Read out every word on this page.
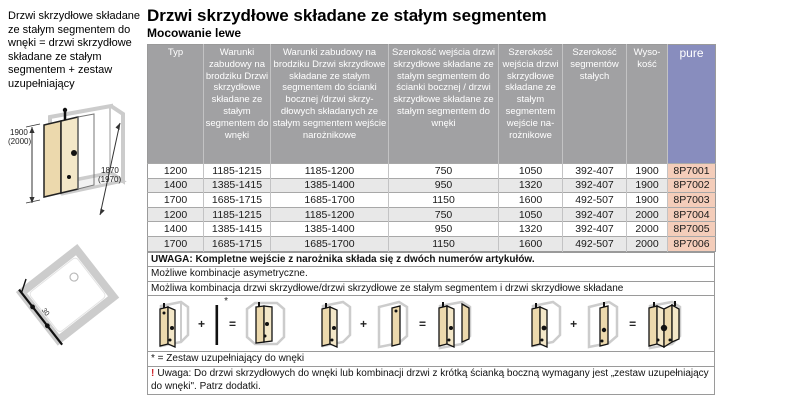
Drzwi skrzydłowe składane ze stałym segmentem do wnęki = drzwi skrzydłowe składane ze stałym segmentem + zestaw uzupełniający
1900
(2000)
1870
(1970)
30
Drzwi skrzydłowe składane ze stałym segmentem
Mocowanie lewe
Typ	Warunki zabudowy na brodziku Drzwi skrzydłowe składane ze stałym segmentem do wnęki	Warunki zabudowy na brodziku Drzwi skrzydłowe składane ze stałym segmentem do ścianki bocznej /drzwi skrzy-dłowych składanych ze stałym segmentem wejście narożnikowe	Szerokość wejścia drzwi skrzydłowe składane ze stałym segmentem do ścianki bocznej / drzwi skrzydłowe składane ze stałym segmentem do wnęki	Szerokość wejścia drzwi skrzydłowe składane ze stałym segmentem wejście na-rożnikowe	Szerokość segmentów stałych	Wyso-kość	pure
1200	1185-1215	1185-1200	750	1050	392-407	1900	8P7001
1400	1385-1415	1385-1400	950	1320	392-407	1900	8P7002
1700	1685-1715	1685-1700	1150	1600	492-507	1900	8P7003
1200	1185-1215	1185-1200	750	1050	392-407	2000	8P7004
1400	1385-1415	1385-1400	950	1320	392-407	2000	8P7005
1700	1685-1715	1685-1700	1150	1600	492-507	2000	8P7006
UWAGA: Kompletne wejście z narożnika składa się z dwóch numerów artykułów.
Możliwe kombinacje asymetryczne.
Możliwa kombinacja drzwi skrzydłowe/drzwi skrzydłowe ze stałym segmentem i drzwi skrzydłowe składane
+
*
=	+	=	+	=
* = Zestaw uzupełniający do wnęki
! Uwaga: Do drzwi skrzydłowych do wnęki lub kombinacji drzwi z krótką ścianką boczną wymagany jest „zestaw uzupełniający do wnęki". Patrz dodatki.
